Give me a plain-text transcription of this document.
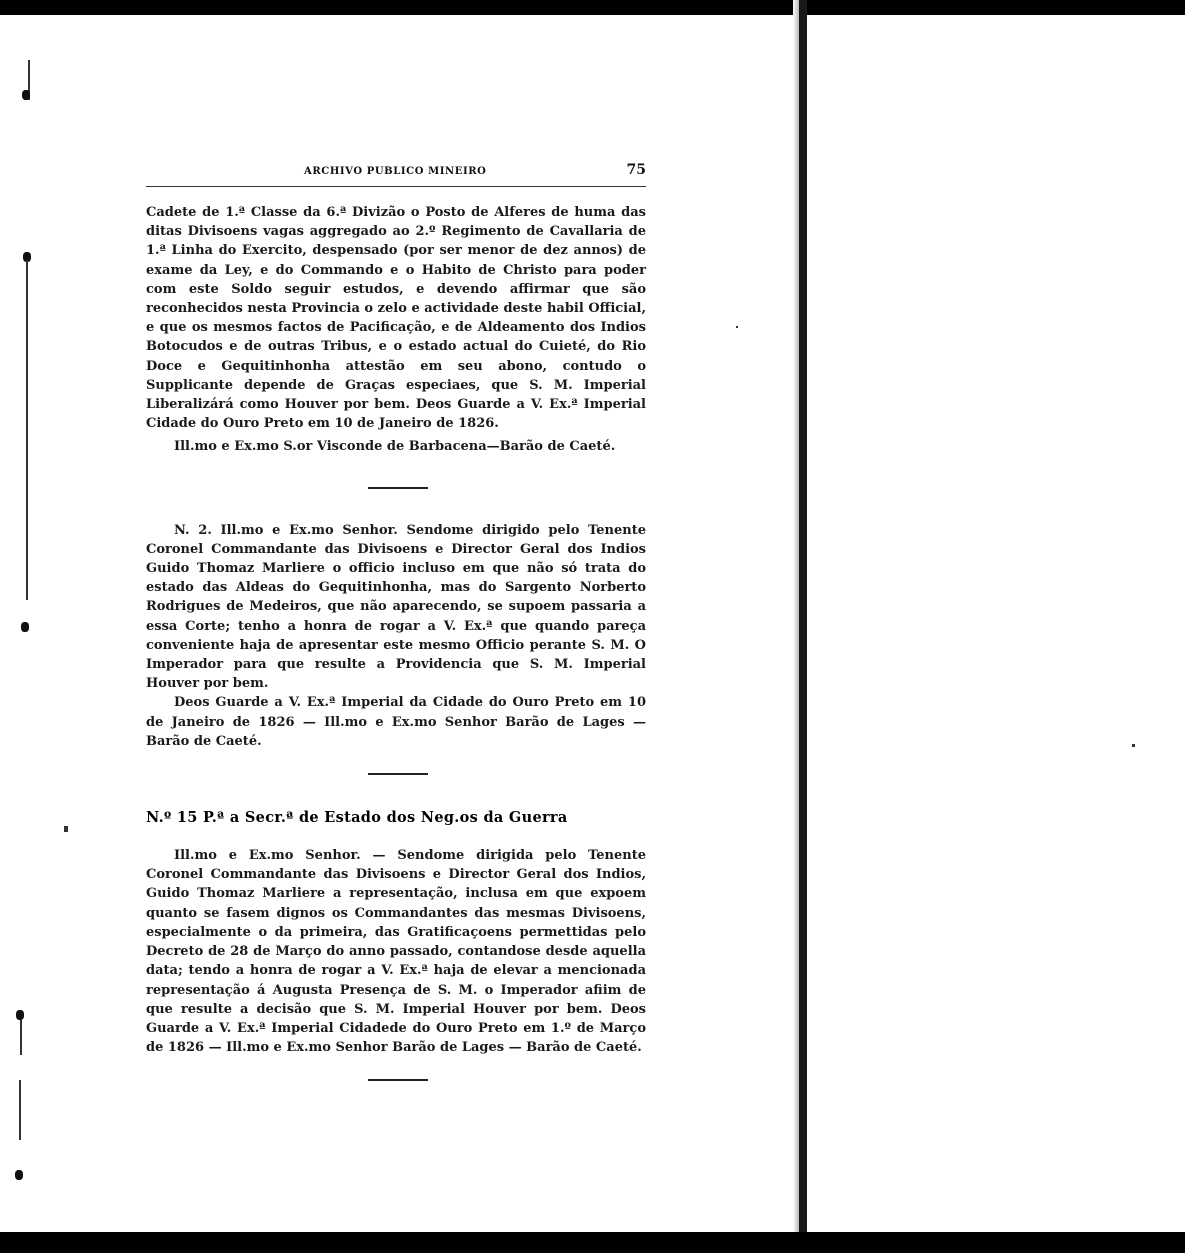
ARCHIVO PUBLICO MINEIRO	75

Cadete de 1.ª Classe da 6.ª Divizão o Posto de Alferes de huma das ditas Divisoens vagas aggregado ao 2.º Regimento de Cavallaria de 1.ª Linha do Exercito, despensado (por ser menor de dez annos) de exame da Ley, e do Commando e o Habito de Christo para poder com este Soldo seguir estudos, e devendo affirmar que são reconhecidos nesta Provincia o zelo e actividade deste habil Official, e que os mesmos factos de Pacificação, e de Aldeamento dos Indios Botocudos e de outras Tribus, e o estado actual do Cuieté, do Rio Doce e Gequitinhonha attestão em seu abono, contudo o Supplicante depende de Graças especiaes, que S. M. Imperial Liberalizárá como Houver por bem. Deos Guarde a V. Ex.ª Imperial Cidade do Ouro Preto em 10 de Janeiro de 1826.

Ill.mo e Ex.mo S.or Visconde de Barbacena—Barão de Caeté.

N. 2. Ill.mo e Ex.mo Senhor. Sendome dirigido pelo Tenente Coronel Commandante das Divisoens e Director Geral dos Indios Guido Thomaz Marliere o officio incluso em que não só trata do estado das Aldeas do Gequitinhonha, mas do Sargento Norberto Rodrigues de Medeiros, que não aparecendo, se supoem passaria a essa Corte; tenho a honra de rogar a V. Ex.ª que quando pareça conveniente haja de apresentar este mesmo Officio perante S. M. O Imperador para que resulte a Providencia que S. M. Imperial Houver por bem.

Deos Guarde a V. Ex.ª Imperial da Cidade do Ouro Preto em 10 de Janeiro de 1826 — Ill.mo e Ex.mo Senhor Barão de Lages — Barão de Caeté.

N.º 15 P.ª a Secr.ª de Estado dos Neg.os da Guerra

Ill.mo e Ex.mo Senhor. — Sendome dirigida pelo Tenente Coronel Commandante das Divisoens e Director Geral dos Indios, Guido Thomaz Marliere a representação, inclusa em que expoem quanto se fasem dignos os Commandantes das mesmas Divisoens, especialmente o da primeira, das Gratificaçoens permettidas pelo Decreto de 28 de Março do anno passado, contandose desde aquella data; tendo a honra de rogar a V. Ex.ª haja de elevar a mencionada representação á Augusta Presença de S. M. o Imperador afiim de que resulte a decisão que S. M. Imperial Houver por bem. Deos Guarde a V. Ex.ª Imperial Cidadede do Ouro Preto em 1.º de Março de 1826 — Ill.mo e Ex.mo Senhor Barão de Lages — Barão de Caeté.
